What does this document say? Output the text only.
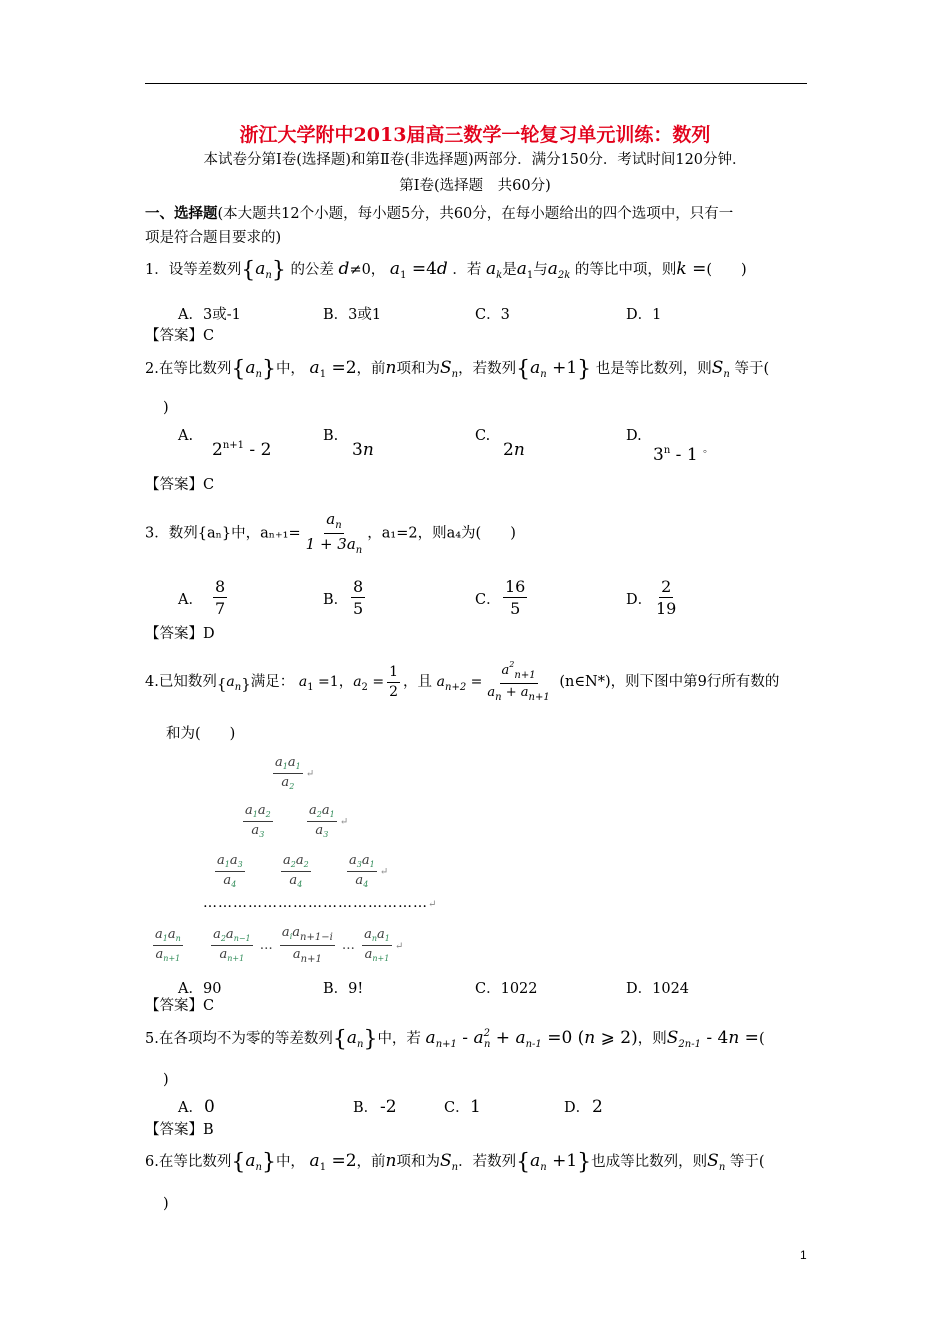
浙江大学附中2013届高三数学一轮复习单元训练：数列
本试卷分第Ⅰ卷(选择题)和第Ⅱ卷(非选择题)两部分．满分150分．考试时间120分钟．
第Ⅰ卷(选择题　共60分)
一、选择题(本大题共12个小题，每小题5分，共60分，在每小题给出的四个选项中，只有一
项是符合题目要求的)
1．设等差数列$\{a_n\}$ 的公差 d≠0， $a_1 =4d$ ．若 $a_k$是$a_1$与$a_{2k}$ 的等比中项，则k =(　　)
A．3或-1	B．3或1	C．3	D．1
【答案】C
2.在等比数列$\{a_n\}$中， $a_1 =2$，前n项和为$S_n$，若数列$\{a_n +1\}$ 也是等比数列，则$S_n$ 等于(
)
A.
$2^{n+1} - 2$
B.
3n
C.
2n
D.
3$^n$ - 1 。
【答案】C
3．数列{aₙ}中，$a_{n+1}= \frac{a_n}{1 + 3a_n}$ ，a₁=2，则a₄为(　　)
A． $\frac{8}{7}$	B． $\frac{8}{5}$	C． $\frac{16}{5}$	D． $\frac{2}{19}$
【答案】D
4.已知数列$\{a_n\}$满足： $a_1 =1$，$a_2 = \frac{1}{2}$ ，且 $a_{n+2} = \frac{a^2_{n+1}}{a_n + a_{n+1}}$ (n∈N*)，则下图中第9行所有数的
和为(　　)
$\frac{a_1a_1}{a_2}$ ↵
$\frac{a_1a_2}{a_3}$
	$\frac{a_2a_1}{a_3}$ ↵
$\frac{a_1a_3}{a_4}$
	$\frac{a_2a_2}{a_4}$
	$\frac{a_3a_1}{a_4}$ ↵
………………………………………↵
$\frac{a_1a_n}{a_{n+1}}$
$\frac{a_2a_{n-1}}{a_{n+1}}$ … $\frac{a_ia_{n+1-i}}{a_{n+1}}$ … $\frac{a_na_1}{a_{n+1}}$ ↵
A．90	B．9!	C．1022	D．1024
【答案】C
5.在各项均不为零的等差数列$\{a_n\}$中，若 $a_{n+1} - a^2_n + a_{n-1} =0$ (n ⩾ 2)，则$S_{2n-1} - 4n$ =(
)
A． 0	B． -2	C． 1	D． 2
【答案】B
6.在等比数列$\{a_n\}$中， $a_1 =2$，前n项和为$S_n$．若数列$\{a_n +1\}$也成等比数列，则$S_n$ 等于(
)
1
